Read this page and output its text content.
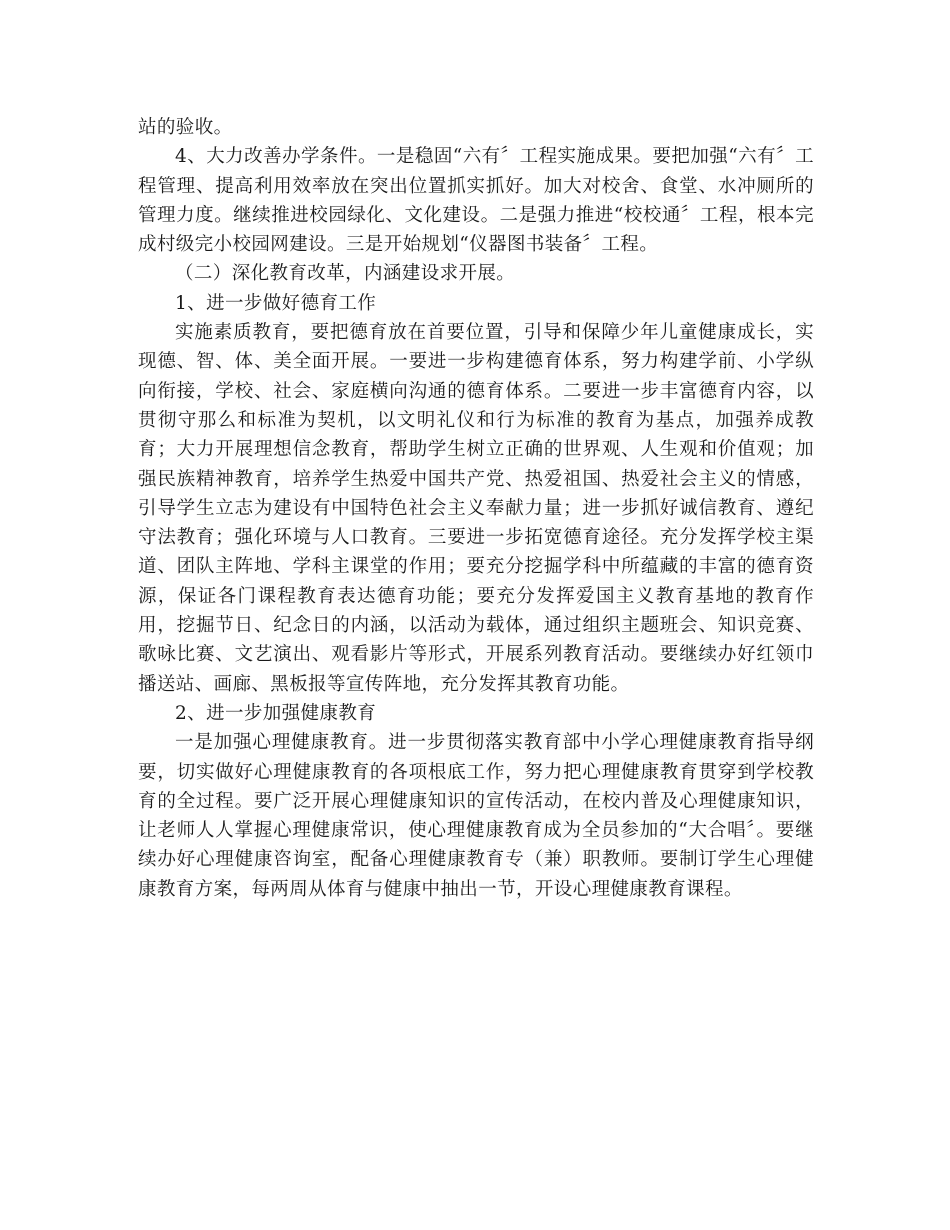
站的验收。

4、大力改善办学条件。一是稳固“六有〞工程实施成果。要把加强“六有〞工程管理、提高利用效率放在突出位置抓实抓好。加大对校舍、食堂、水冲厕所的管理力度。继续推进校园绿化、文化建设。二是强力推进“校校通〞工程，根本完成村级完小校园网建设。三是开始规划“仪器图书装备〞工程。

（二）深化教育改革，内涵建设求开展。

1、进一步做好德育工作

实施素质教育，要把德育放在首要位置，引导和保障少年儿童健康成长，实现德、智、体、美全面开展。一要进一步构建德育体系，努力构建学前、小学纵向衔接，学校、社会、家庭横向沟通的德育体系。二要进一步丰富德育内容，以贯彻守那么和标准为契机，以文明礼仪和行为标准的教育为基点，加强养成教育；大力开展理想信念教育，帮助学生树立正确的世界观、人生观和价值观；加强民族精神教育，培养学生热爱中国共产党、热爱祖国、热爱社会主义的情感，引导学生立志为建设有中国特色社会主义奉献力量；进一步抓好诚信教育、遵纪守法教育；强化环境与人口教育。三要进一步拓宽德育途径。充分发挥学校主渠道、团队主阵地、学科主课堂的作用；要充分挖掘学科中所蕴藏的丰富的德育资源，保证各门课程教育表达德育功能；要充分发挥爱国主义教育基地的教育作用，挖掘节日、纪念日的内涵，以活动为载体，通过组织主题班会、知识竞赛、歌咏比赛、文艺演出、观看影片等形式，开展系列教育活动。要继续办好红领巾播送站、画廊、黑板报等宣传阵地，充分发挥其教育功能。

2、进一步加强健康教育

一是加强心理健康教育。进一步贯彻落实教育部中小学心理健康教育指导纲要，切实做好心理健康教育的各项根底工作，努力把心理健康教育贯穿到学校教育的全过程。要广泛开展心理健康知识的宣传活动，在校内普及心理健康知识，让老师人人掌握心理健康常识，使心理健康教育成为全员参加的“大合唱〞。要继续办好心理健康咨询室，配备心理健康教育专（兼）职教师。要制订学生心理健康教育方案，每两周从体育与健康中抽出一节，开设心理健康教育课程。
